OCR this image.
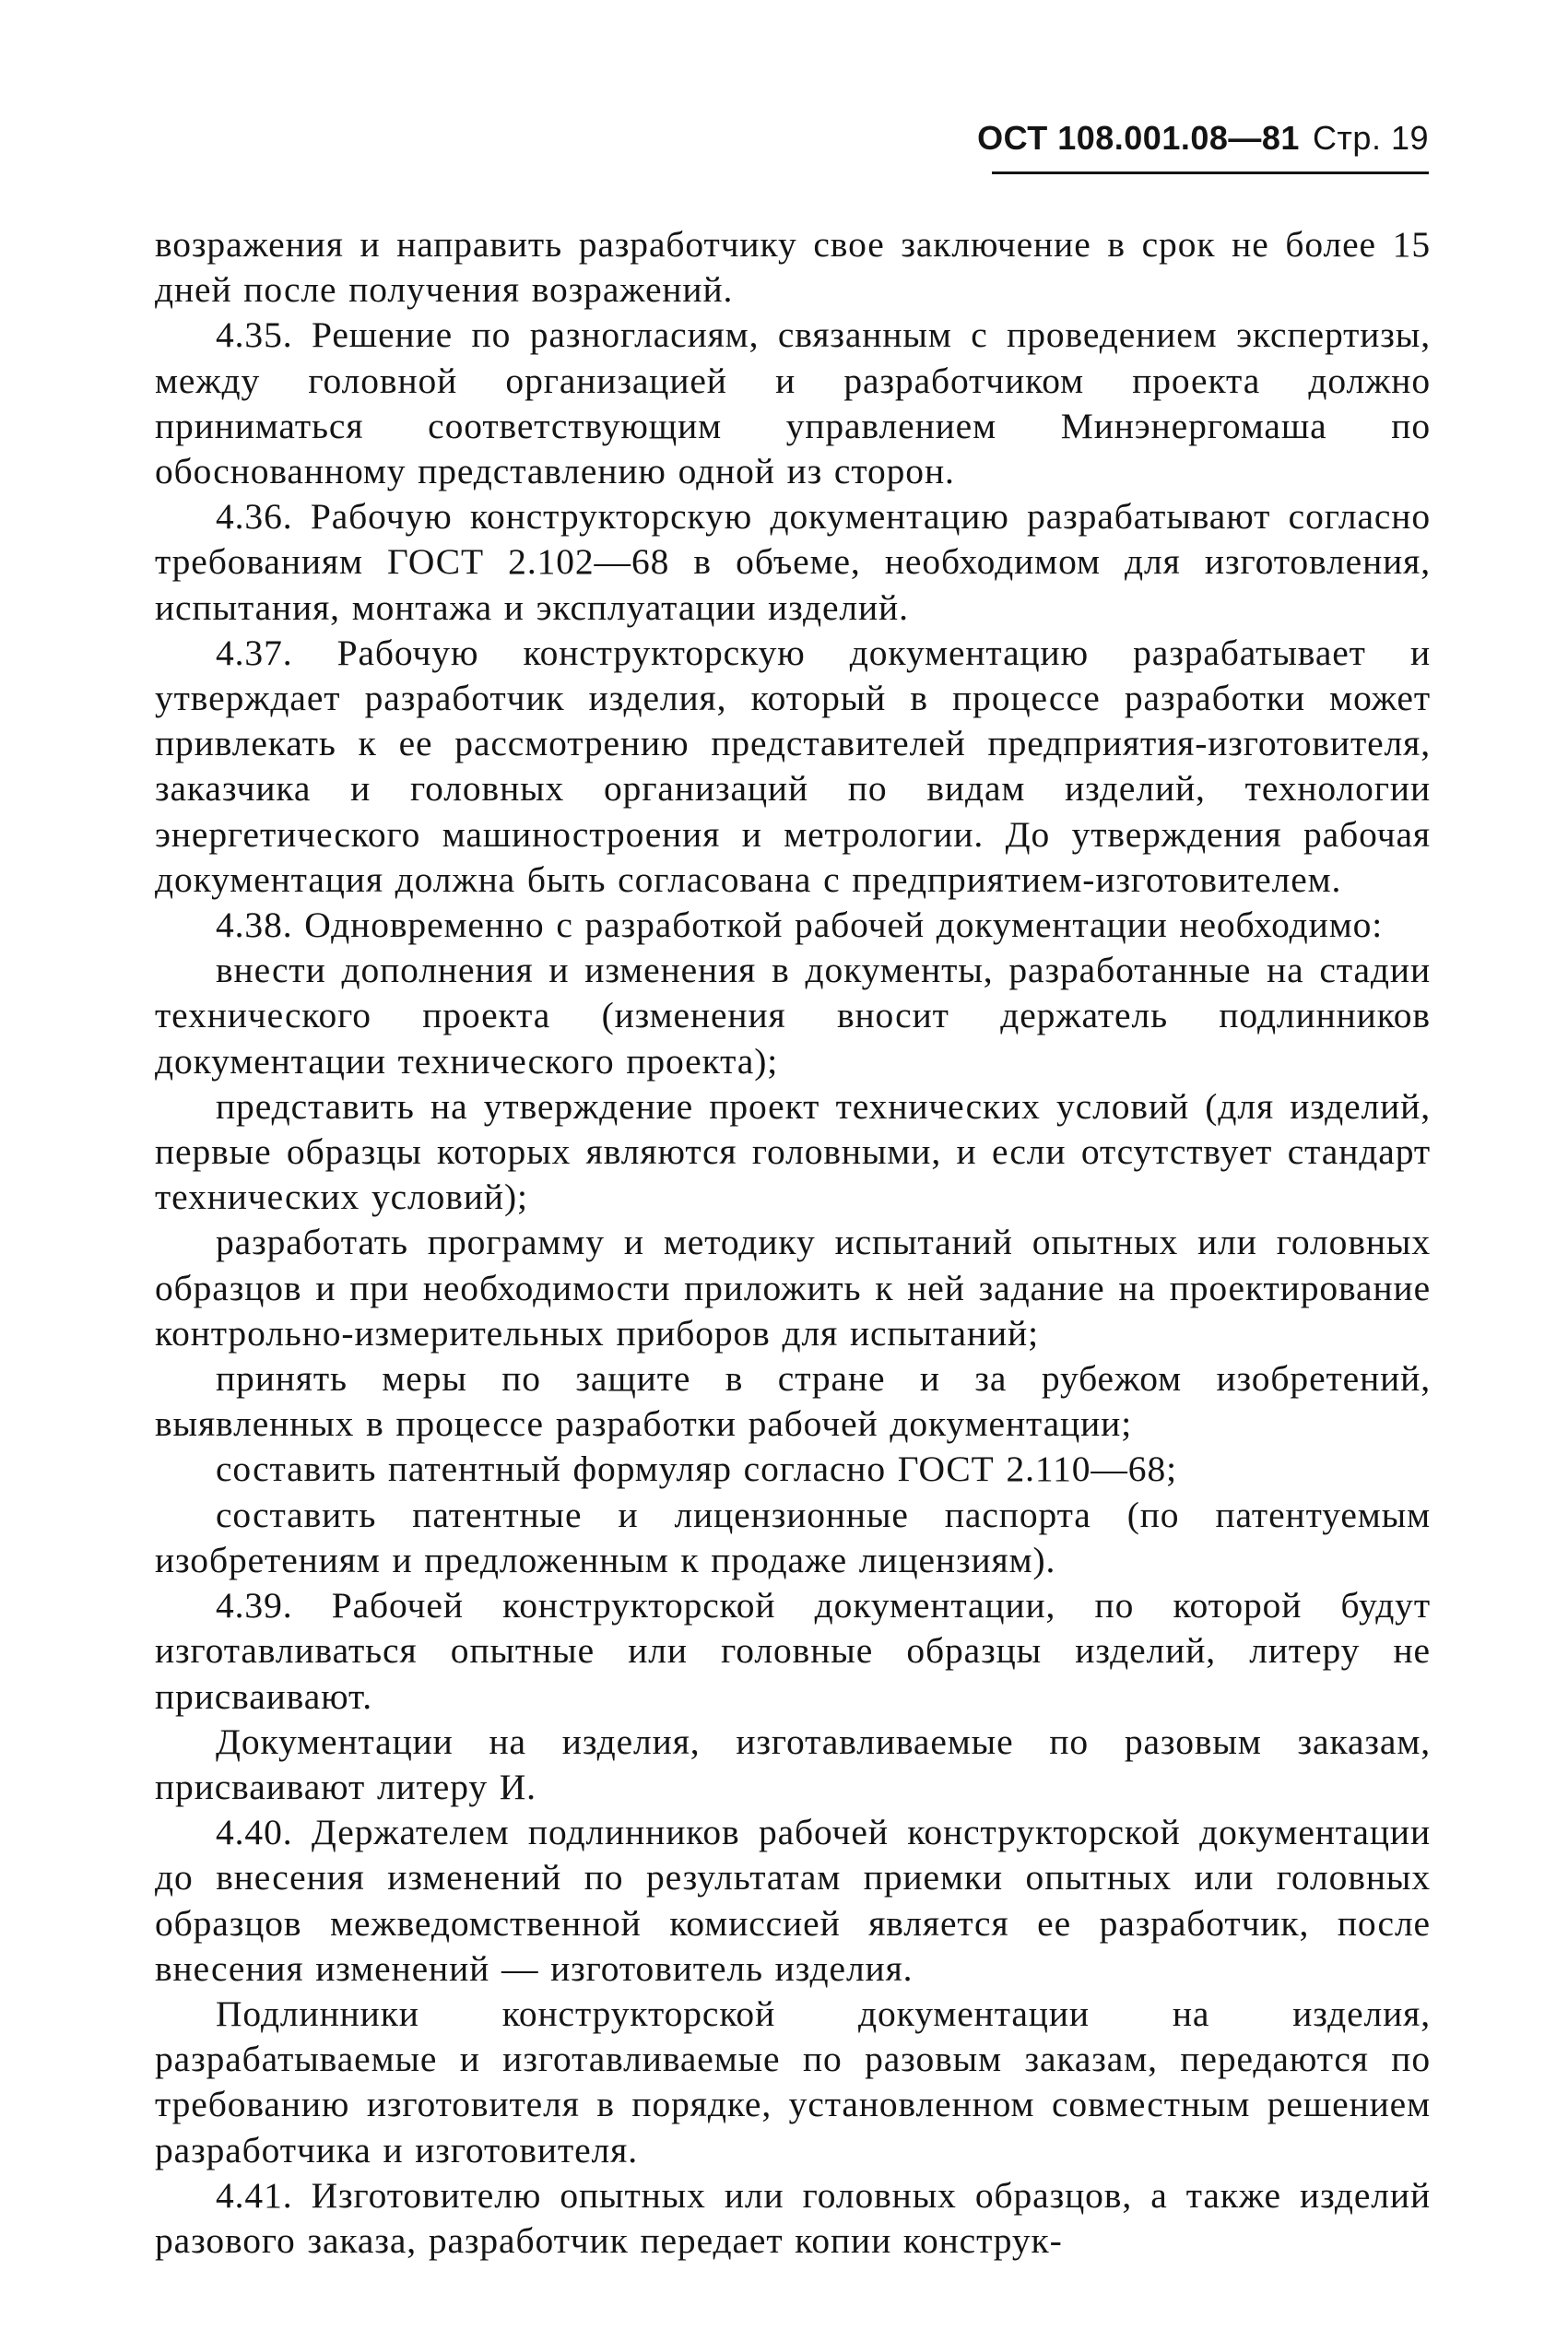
ОСТ 108.001.08—81 Стр. 19

возражения и направить разработчику свое заключение в срок не более 15 дней после получения возражений.

4.35. Решение по разногласиям, связанным с проведением экспертизы, между головной организацией и разработчиком проекта должно приниматься соответствующим управлением Минэнергомаша по обоснованному представлению одной из сторон.

4.36. Рабочую конструкторскую документацию разрабатывают согласно требованиям ГОСТ 2.102—68 в объеме, необходимом для изготовления, испытания, монтажа и эксплуатации изделий.

4.37. Рабочую конструкторскую документацию разрабатывает и утверждает разработчик изделия, который в процессе разработки может привлекать к ее рассмотрению представителей предприятия-изготовителя, заказчика и головных организаций по видам изделий, технологии энергетического машиностроения и метрологии. До утверждения рабочая документация должна быть согласована с предприятием-изготовителем.

4.38. Одновременно с разработкой рабочей документации необходимо:

внести дополнения и изменения в документы, разработанные на стадии технического проекта (изменения вносит держатель подлинников документации технического проекта);

представить на утверждение проект технических условий (для изделий, первые образцы которых являются головными, и если отсутствует стандарт технических условий);

разработать программу и методику испытаний опытных или головных образцов и при необходимости приложить к ней задание на проектирование контрольно-измерительных приборов для испытаний;

принять меры по защите в стране и за рубежом изобретений, выявленных в процессе разработки рабочей документации;

составить патентный формуляр согласно ГОСТ 2.110—68;

составить патентные и лицензионные паспорта (по патентуемым изобретениям и предложенным к продаже лицензиям).

4.39. Рабочей конструкторской документации, по которой будут изготавливаться опытные или головные образцы изделий, литеру не присваивают.

Документации на изделия, изготавливаемые по разовым заказам, присваивают литеру И.

4.40. Держателем подлинников рабочей конструкторской документации до внесения изменений по результатам приемки опытных или головных образцов межведомственной комиссией является ее разработчик, после внесения изменений — изготовитель изделия.

Подлинники конструкторской документации на изделия, разрабатываемые и изготавливаемые по разовым заказам, передаются по требованию изготовителя в порядке, установленном совместным решением разработчика и изготовителя.

4.41. Изготовителю опытных или головных образцов, а также изделий разового заказа, разработчик передает копии конструк-
